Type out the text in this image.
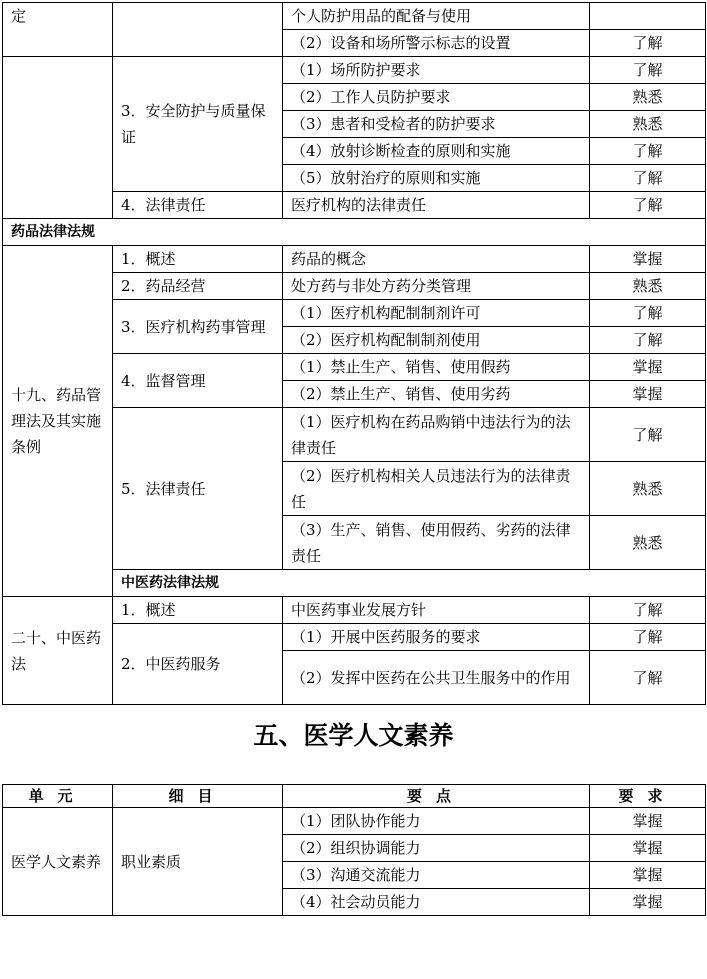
定		个人防护用品的配备与使用	
		（2）设备和场所警示标志的设置	了解
	3．安全防护与质量保证	（1）场所防护要求	了解
		（2）工作人员防护要求	熟悉
		（3）患者和受检者的防护要求	熟悉
		（4）放射诊断检查的原则和实施	了解
		（5）放射治疗的原则和实施	了解
	4．法律责任	医疗机构的法律责任	了解
药品法律法规			
十九、药品管理法及其实施条例	1．概述	药品的概念	掌握
	2．药品经营	处方药与非处方药分类管理	熟悉
	3．医疗机构药事管理	（1）医疗机构配制制剂许可	了解
		（2）医疗机构配制制剂使用	了解
	4．监督管理	（1）禁止生产、销售、使用假药	掌握
		（2）禁止生产、销售、使用劣药	掌握
	5．法律责任	（1）医疗机构在药品购销中违法行为的法律责任	了解
		（2）医疗机构相关人员违法行为的法律责任	熟悉
		（3）生产、销售、使用假药、劣药的法律责任	熟悉
	中医药法律法规		
二十、中医药法	1．概述	中医药事业发展方针	了解
	2．中医药服务	（1）开展中医药服务的要求	了解
		（2）发挥中医药在公共卫生服务中的作用	了解
五、医学人文素养
单元	细目	要点	要求
医学人文素养	职业素质	（1）团队协作能力	掌握
		（2）组织协调能力	掌握
		（3）沟通交流能力	掌握
		（4）社会动员能力	掌握
